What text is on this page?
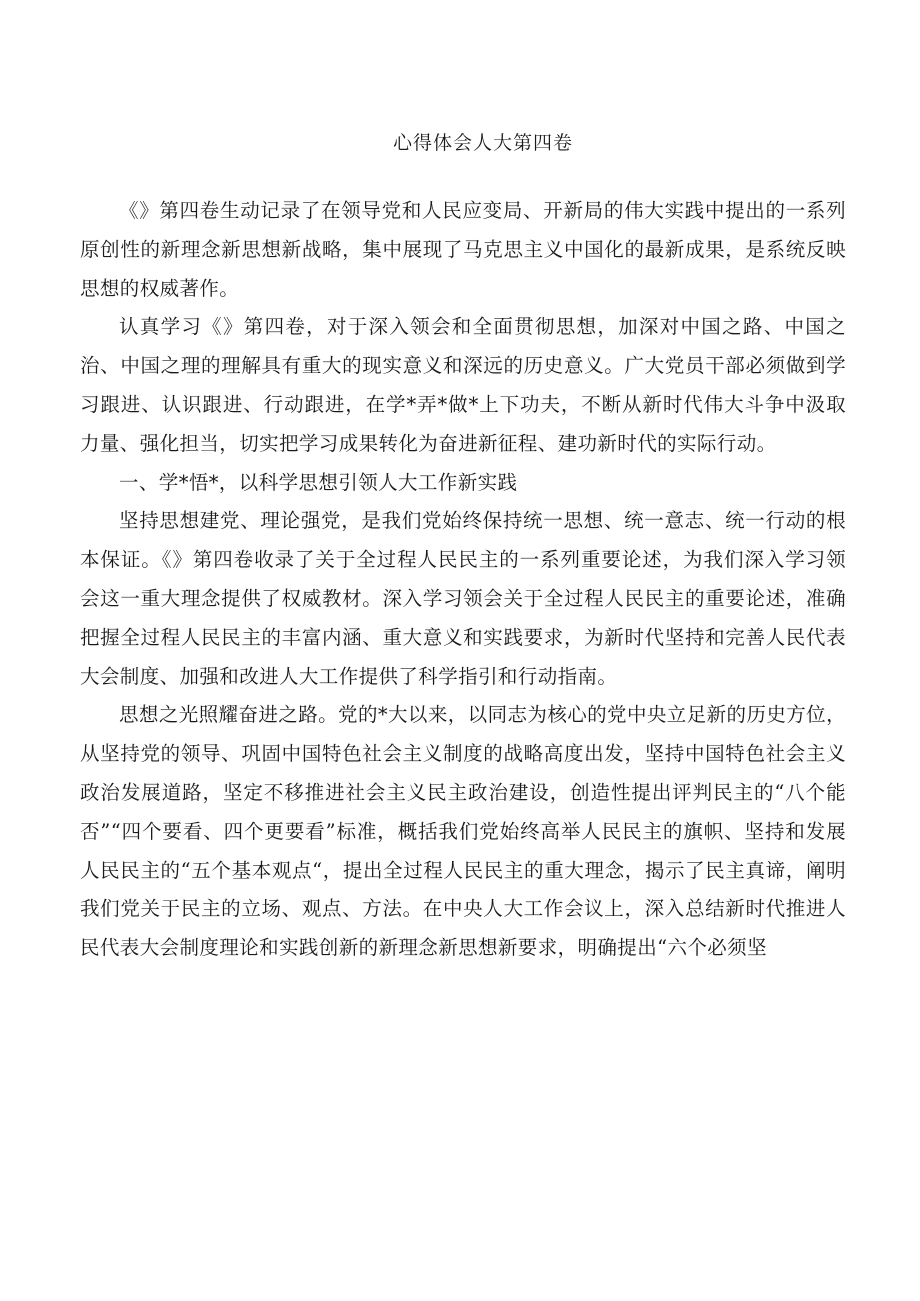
心得体会人大第四卷

《》第四卷生动记录了在领导党和人民应变局、开新局的伟大实践中提出的一系列原创性的新理念新思想新战略，集中展现了马克思主义中国化的最新成果，是系统反映思想的权威著作。

认真学习《》第四卷，对于深入领会和全面贯彻思想，加深对中国之路、中国之治、中国之理的理解具有重大的现实意义和深远的历史意义。广大党员干部必须做到学习跟进、认识跟进、行动跟进，在学*弄*做*上下功夫，不断从新时代伟大斗争中汲取力量、强化担当，切实把学习成果转化为奋进新征程、建功新时代的实际行动。

一、学*悟*，以科学思想引领人大工作新实践

坚持思想建党、理论强党，是我们党始终保持统一思想、统一意志、统一行动的根本保证。《》第四卷收录了关于全过程人民民主的一系列重要论述，为我们深入学习领会这一重大理念提供了权威教材。深入学习领会关于全过程人民民主的重要论述，准确把握全过程人民民主的丰富内涵、重大意义和实践要求，为新时代坚持和完善人民代表大会制度、加强和改进人大工作提供了科学指引和行动指南。

思想之光照耀奋进之路。党的*大以来，以同志为核心的党中央立足新的历史方位，从坚持党的领导、巩固中国特色社会主义制度的战略高度出发，坚持中国特色社会主义政治发展道路，坚定不移推进社会主义民主政治建设，创造性提出评判民主的“八个能否”“四个要看、四个更要看”标准，概括我们党始终高举人民民主的旗帜、坚持和发展人民民主的“五个基本观点“，提出全过程人民民主的重大理念，揭示了民主真谛，阐明我们党关于民主的立场、观点、方法。在中央人大工作会议上，深入总结新时代推进人民代表大会制度理论和实践创新的新理念新思想新要求，明确提出“六个必须坚
